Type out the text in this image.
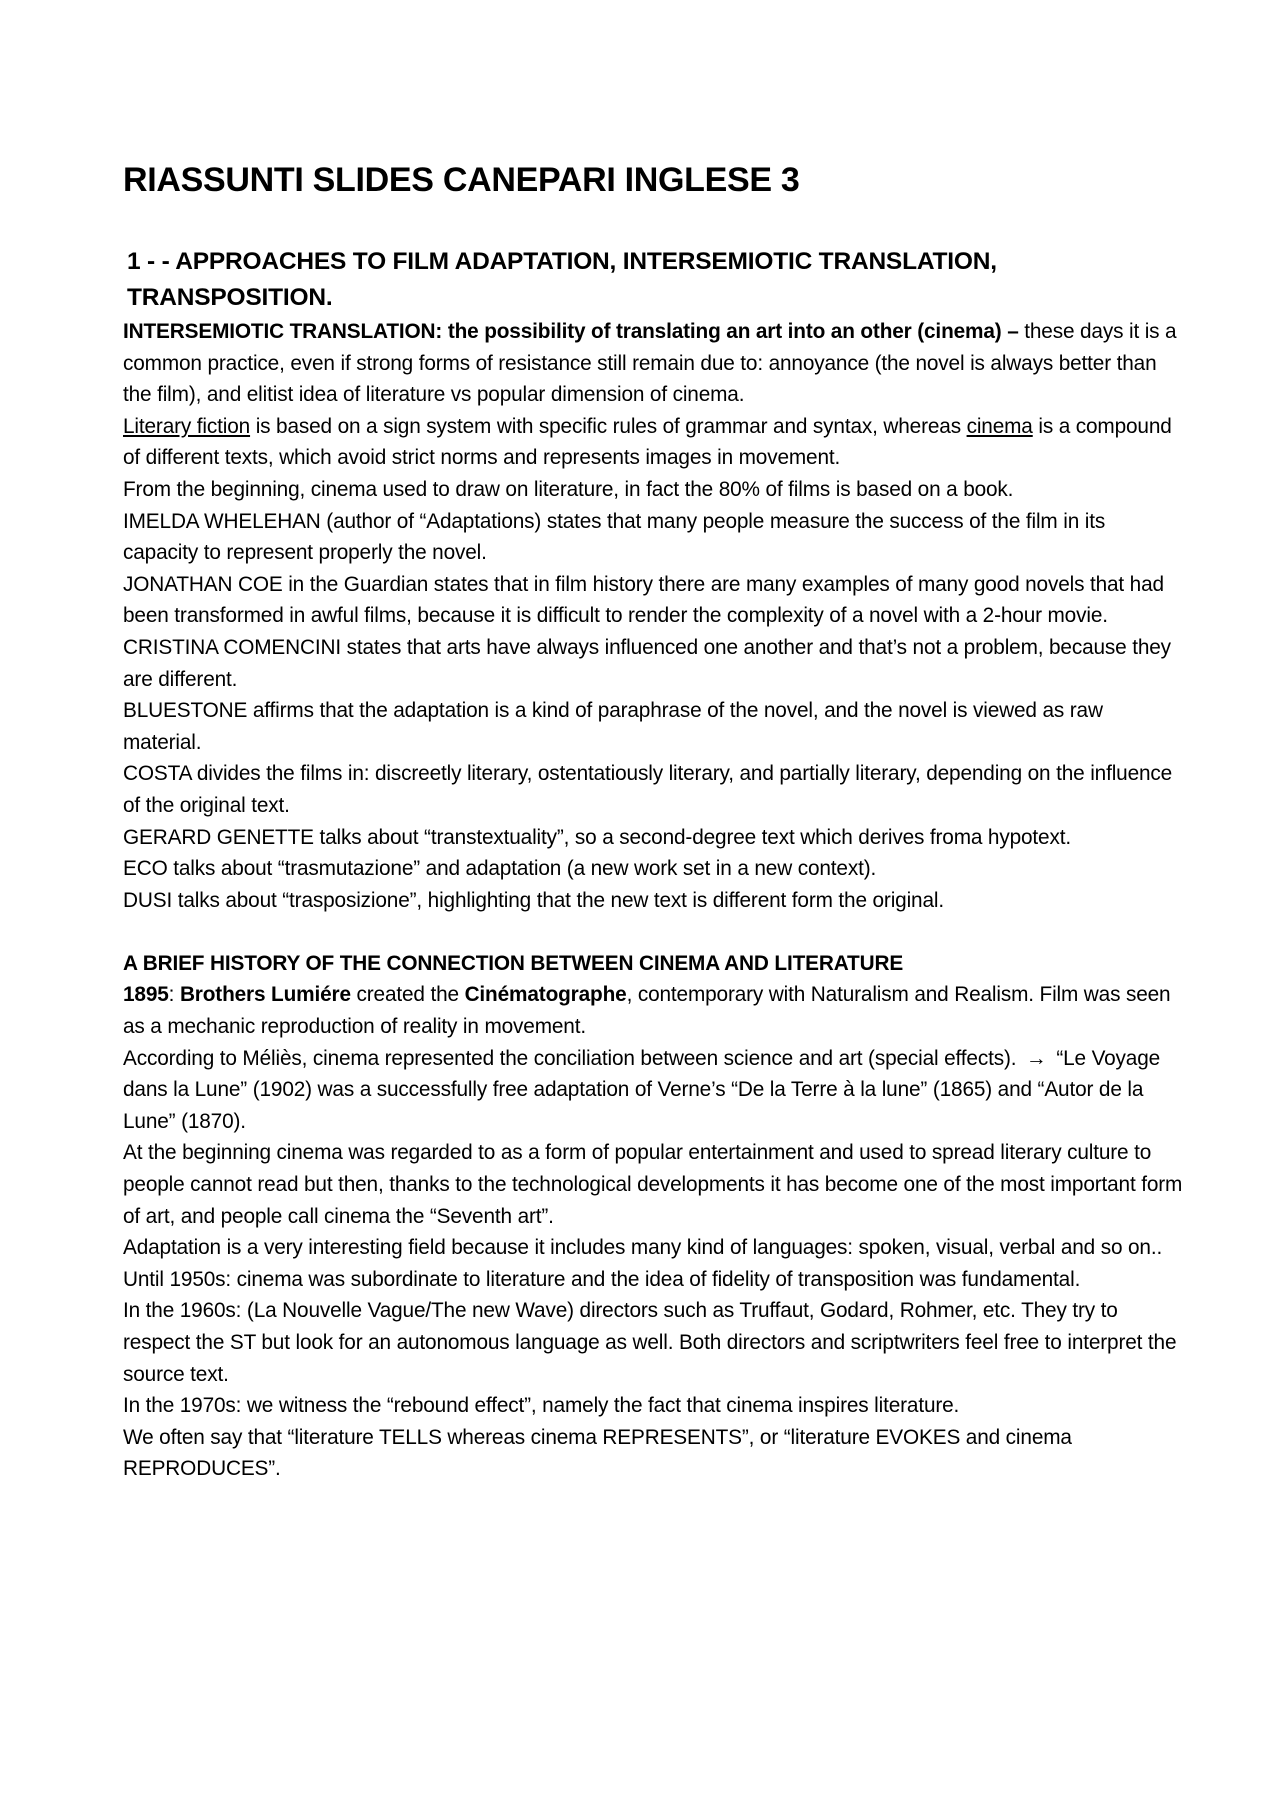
RIASSUNTI SLIDES CANEPARI INGLESE 3
1 - - APPROACHES TO FILM ADAPTATION, INTERSEMIOTIC TRANSLATION, TRANSPOSITION.

INTERSEMIOTIC TRANSLATION: the possibility of translating an art into an other (cinema) – these days it is a common practice, even if strong forms of resistance still remain due to: annoyance (the novel is always better than the film), and elitist idea of literature vs popular dimension of cinema.

Literary fiction is based on a sign system with specific rules of grammar and syntax, whereas cinema is a compound of different texts, which avoid strict norms and represents images in movement.

From the beginning, cinema used to draw on literature, in fact the 80% of films is based on a book.

IMELDA WHELEHAN (author of “Adaptations) states that many people measure the success of the film in its capacity to represent properly the novel.

JONATHAN COE in the Guardian states that in film history there are many examples of many good novels that had been transformed in awful films, because it is difficult to render the complexity of a novel with a 2-hour movie.

CRISTINA COMENCINI states that arts have always influenced one another and that’s not a problem, because they are different.

BLUESTONE affirms that the adaptation is a kind of paraphrase of the novel, and the novel is viewed as raw material.

COSTA divides the films in: discreetly literary, ostentatiously literary, and partially literary, depending on the influence of the original text.

GERARD GENETTE talks about “transtextuality”, so a second-degree text which derives froma hypotext.

ECO talks about “trasmutazione” and adaptation (a new work set in a new context).

DUSI talks about “trasposizione”, highlighting that the new text is different form the original.

A BRIEF HISTORY OF THE CONNECTION BETWEEN CINEMA AND LITERATURE

1895: Brothers Lumiére created the Cinématographe, contemporary with Naturalism and Realism. Film was seen as a mechanic reproduction of reality in movement.

According to Méliès, cinema represented the conciliation between science and art (special effects). → “Le Voyage dans la Lune” (1902) was a successfully free adaptation of Verne’s “De la Terre à la lune” (1865) and “Autor de la Lune” (1870).

At the beginning cinema was regarded to as a form of popular entertainment and used to spread literary culture to people cannot read but then, thanks to the technological developments it has become one of the most important form of art, and people call cinema the “Seventh art”.

Adaptation is a very interesting field because it includes many kind of languages: spoken, visual, verbal and so on..

Until 1950s: cinema was subordinate to literature and the idea of fidelity of transposition was fundamental.

In the 1960s: (La Nouvelle Vague/The new Wave) directors such as Truffaut, Godard, Rohmer, etc. They try to respect the ST but look for an autonomous language as well. Both directors and scriptwriters feel free to interpret the source text.

In the 1970s: we witness the “rebound effect”, namely the fact that cinema inspires literature.

We often say that “literature TELLS whereas cinema REPRESENTS”, or “literature EVOKES and cinema REPRODUCES”.
